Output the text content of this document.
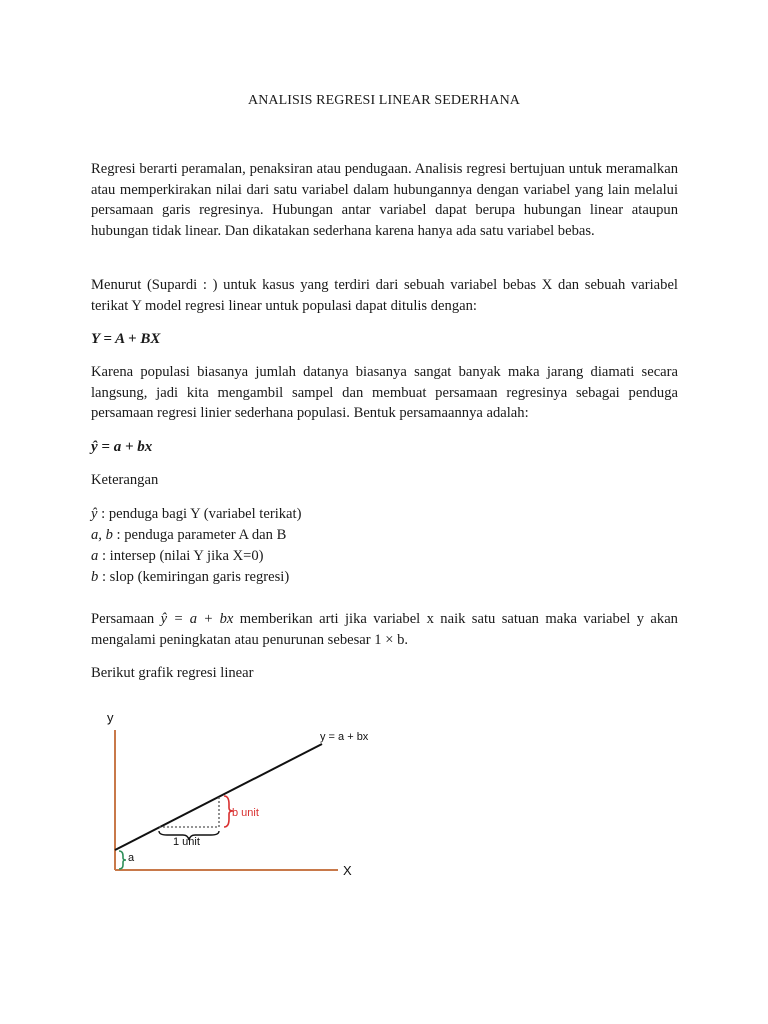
ANALISIS REGRESI LINEAR SEDERHANA

Regresi berarti peramalan, penaksiran atau pendugaan. Analisis regresi bertujuan untuk meramalkan atau memperkirakan nilai dari satu variabel dalam hubungannya dengan variabel yang lain melalui persamaan garis regresinya. Hubungan antar variabel dapat berupa hubungan linear ataupun hubungan tidak linear. Dan dikatakan sederhana karena hanya ada satu variabel bebas.

Menurut (Supardi : ) untuk kasus yang terdiri dari sebuah variabel bebas X dan sebuah variabel terikat Y model regresi linear untuk populasi dapat ditulis dengan:

Y = A + BX

Karena populasi biasanya jumlah datanya biasanya sangat banyak maka jarang diamati secara langsung, jadi kita mengambil sampel dan membuat persamaan regresinya sebagai penduga persamaan regresi linier sederhana populasi. Bentuk persamaannya adalah:

ŷ = a + bx
Keterangan
ŷ : penduga bagi Y (variabel terikat)
a, b : penduga parameter A dan B
a : intersep (nilai Y jika X=0)
b : slop (kemiringan garis regresi)

Persamaan ŷ = a + bx memberikan arti jika variabel x naik satu satuan maka variabel y akan mengalami peningkatan atau penurunan sebesar 1 × b.

Berikut grafik regresi linear
y
X
y = a + bx
b unit
1 unit
a
